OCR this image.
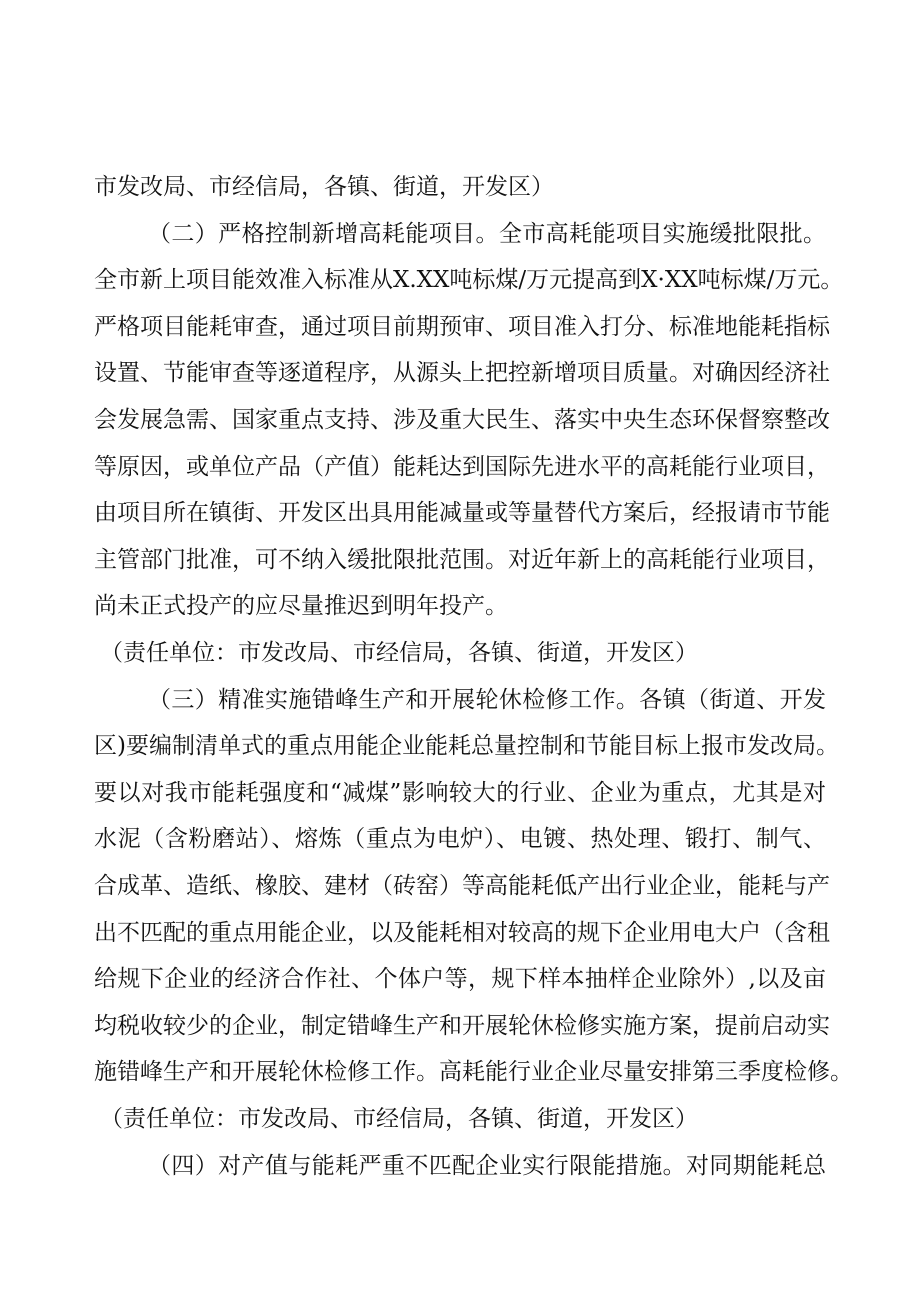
市发改局、市经信局，各镇、街道，开发区）
（二）严格控制新增高耗能项目。全市高耗能项目实施缓批限批。
全市新上项目能效准入标准从X.XX吨标煤/万元提高到X·XX吨标煤/万元。
严格项目能耗审查，通过项目前期预审、项目准入打分、标准地能耗指标
设置、节能审查等逐道程序，从源头上把控新增项目质量。对确因经济社
会发展急需、国家重点支持、涉及重大民生、落实中央生态环保督察整改
等原因，或单位产品（产值）能耗达到国际先进水平的高耗能行业项目，
由项目所在镇街、开发区出具用能减量或等量替代方案后，经报请市节能
主管部门批准，可不纳入缓批限批范围。对近年新上的高耗能行业项目，
尚未正式投产的应尽量推迟到明年投产。
（责任单位：市发改局、市经信局，各镇、街道，开发区）
（三）精准实施错峰生产和开展轮休检修工作。各镇（街道、开发
区)要编制清单式的重点用能企业能耗总量控制和节能目标上报市发改局。
要以对我市能耗强度和“减煤”影响较大的行业、企业为重点，尤其是对
水泥（含粉磨站）、熔炼（重点为电炉）、电镀、热处理、锻打、制气、
合成革、造纸、橡胶、建材（砖窑）等高能耗低产出行业企业，能耗与产
出不匹配的重点用能企业，以及能耗相对较高的规下企业用电大户（含租
给规下企业的经济合作社、个体户等，规下样本抽样企业除外）,以及亩
均税收较少的企业，制定错峰生产和开展轮休检修实施方案，提前启动实
施错峰生产和开展轮休检修工作。高耗能行业企业尽量安排第三季度检修。
（责任单位：市发改局、市经信局，各镇、街道，开发区）
（四）对产值与能耗严重不匹配企业实行限能措施。对同期能耗总
